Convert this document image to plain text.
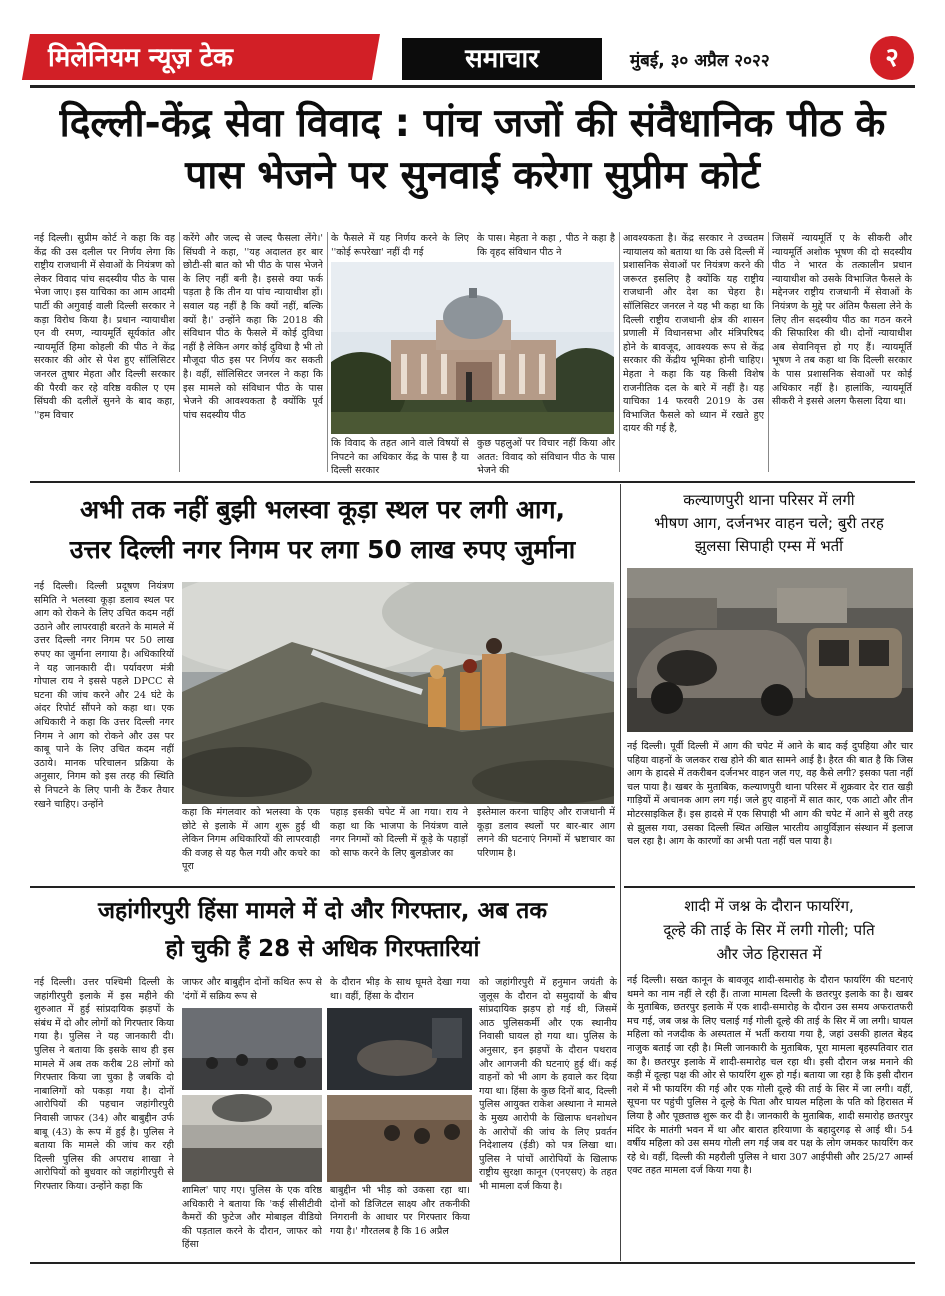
मिलेनियम न्यूज़ टेक	समाचार	मुंबई, ३० अप्रैल २०२२	२
दिल्ली-केंद्र सेवा विवाद : पांच जजों की संवैधानिक पीठ के
पास भेजने पर सुनवाई करेगा सुप्रीम कोर्ट
नई दिल्ली। सुप्रीम कोर्ट ने कहा कि वह केंद्र की उस दलील पर निर्णय लेगा कि राष्ट्रीय राजधानी में सेवाओं के नियंत्रण को लेकर विवाद पांच सदस्यीय पीठ के पास भेजा जाए। इस याचिका का आम आदमी पार्टी की अगुवाई वाली दिल्ली सरकार ने कड़ा विरोध किया है। प्रधान न्यायाधीश एन वी रमण, न्यायमूर्ति सूर्यकांत और न्यायमूर्ति हिमा कोहली की पीठ ने केंद्र सरकार की ओर से पेश हुए सॉलिसिटर जनरल तुषार मेहता और दिल्ली सरकार की पैरवी कर रहे वरिष्ठ वकील ए एम सिंघवी की दलीलें सुनने के बाद कहा, ''हम विचार
करेंगे और जल्द से जल्द फैसला लेंगे।' सिंघवी ने कहा, ''यह अदालत हर बार छोटी-सी बात को भी पीठ के पास भेजने के लिए नहीं बनी है। इससे क्या फर्क पड़ता है कि तीन या पांच न्यायाधीश हों। सवाल यह नहीं है कि क्यों नहीं, बल्कि क्यों है।' उन्होंने कहा कि 2018 की संविधान पीठ के फैसले में कोई दुविधा नहीं है लेकिन अगर कोई दुविधा है भी तो मौजूदा पीठ इस पर निर्णय कर सकती है। वहीं, सॉलिसिटर जनरल ने कहा कि इस मामले को संविधान पीठ के पास भेजने की आवश्यकता है क्योंकि पूर्व पांच सदस्यीय पीठ
के फैसले में यह निर्णय करने के लिए ''कोई रूपरेखा' नहीं दी गई
के पास। मेहता ने कहा , पीठ ने कहा है कि वृहद संविधान पीठ ने
कि विवाद के तहत आने वाले विषयों से निपटने का अधिकार केंद्र के पास है या दिल्ली सरकार
कुछ पहलुओं पर विचार नहीं किया और अतत: विवाद को संविधान पीठ के पास भेजने की
आवश्यकता है। केंद्र सरकार ने उच्चतम न्यायालय को बताया था कि उसे दिल्ली में प्रशासनिक सेवाओं पर नियंत्रण करने की जरूरत इसलिए है क्योंकि यह राष्ट्रीय राजधानी और देश का चेहरा है। सॉलिसिटर जनरल ने यह भी कहा था कि दिल्ली राष्ट्रीय राजधानी क्षेत्र की शासन प्रणाली में विधानसभा और मंत्रिपरिषद होने के बावजूद, आवश्यक रूप से केंद्र सरकार की केंद्रीय भूमिका होनी चाहिए। मेहता ने कहा कि यह किसी विशेष राजनीतिक दल के बारे में नहीं है। यह याचिका 14 फरवरी 2019 के उस विभाजित फैसले को ध्यान में रखते हुए दायर की गई है,
जिसमें न्यायमूर्ति ए के सीकरी और न्यायमूर्ति अशोक भूषण की दो सदस्यीय पीठ ने भारत के तत्कालीन प्रधान न्यायाधीश को उसके विभाजित फैसले के मद्देनजर राष्ट्रीय राजधानी में सेवाओं के नियंत्रण के मुद्दे पर अंतिम फैसला लेने के लिए तीन सदस्यीय पीठ का गठन करने की सिफारिश की थी। दोनों न्यायाधीश अब सेवानिवृत्त हो गए हैं। न्यायमूर्ति भूषण ने तब कहा था कि दिल्ली सरकार के पास प्रशासनिक सेवाओं पर कोई अधिकार नहीं है। हालांकि, न्यायमूर्ति सीकरी ने इससे अलग फैसला दिया था।
अभी तक नहीं बुझी भलस्वा कूड़ा स्थल पर लगी आग,
उत्तर दिल्ली नगर निगम पर लगा 50 लाख रुपए जुर्माना
नई दिल्ली। दिल्ली प्रदूषण नियंत्रण समिति ने भलस्वा कूड़ा डलाव स्थल पर आग को रोकने के लिए उचित कदम नहीं उठाने और लापरवाही बरतने के मामले में उत्तर दिल्ली नगर निगम पर 50 लाख रुपए का जुर्माना लगाया है। अधिकारियों ने यह जानकारी दी। पर्यावरण मंत्री गोपाल राय ने इससे पहले DPCC से घटना की जांच करने और 24 घंटे के अंदर रिपोर्ट सौंपने को कहा था। एक अधिकारी ने कहा कि उत्तर दिल्ली नगर निगम ने आग को रोकने और उस पर काबू पाने के लिए उचित कदम नहीं उठाये। मानक परिचालन प्रक्रिया के अनुसार, निगम को इस तरह की स्थिति से निपटने के लिए पानी के टैंकर तैयार रखने चाहिए। उन्होंने
कहा कि मंगलवार को भलस्वा के एक छोटे से इलाके में आग शुरू हुई थी लेकिन निगम अधिकारियों की लापरवाही की वजह से यह फैल गयी और कचरे का पूरा
पहाड़ इसकी चपेट में आ गया। राय ने कहा था कि भाजपा के नियंत्रण वाले नगर निगमों को दिल्ली में कूड़े के पहाड़ों को साफ करने के लिए बुलडोजर का
इस्तेमाल करना चाहिए और राजधानी में कूड़ा डलाव स्थलों पर बार-बार आग लगने की घटनाएं निगमों में भ्रष्टाचार का परिणाम है।
कल्याणपुरी थाना परिसर में लगी
भीषण आग, दर्जनभर वाहन चले; बुरी तरह
झुलसा सिपाही एम्स में भर्ती
नई दिल्ली। पूर्वी दिल्ली में आग की चपेट में आने के बाद कई दुपहिया और चार पहिया वाहनों के जलकर राख होने की बात सामने आई है। हैरत की बात है कि जिस आग के हादसे में तकरीबन दर्जनभर वाहन जल गए, वह कैसे लगी? इसका पता नहीं चल पाया है। खबर के मुताबिक, कल्याणपुरी थाना परिसर में शुक्रवार देर रात खड़ी गाड़ियों में अचानक आग लग गई। जले हुए वाहनों में सात कार, एक आटो और तीन मोटरसाइकिल हैं। इस हादसे में एक सिपाही भी आग की चपेट में आने से बुरी तरह से झुलस गया, उसका दिल्ली स्थित अखिल भारतीय आयुर्विज्ञान संस्थान में इलाज चल रहा है। आग के कारणों का अभी पता नहीं चल पाया है।
जहांगीरपुरी हिंसा मामले में दो और गिरफ्तार, अब तक
हो चुकी हैं 28 से अधिक गिरफ्तारियां
नई दिल्ली। उत्तर पश्चिमी दिल्ली के जहांगीरपुरी इलाके में इस महीने की शुरुआत में हुई सांप्रदायिक झड़पों के संबंध में दो और लोगों को गिरफ्तार किया गया है। पुलिस ने यह जानकारी दी। पुलिस ने बताया कि इसके साथ ही इस मामले में अब तक करीब 28 लोगों को गिरफ्तार किया जा चुका है जबकि दो नाबालिगों को पकड़ा गया है। दोनों आरोपियों की पहचान जहांगीरपुरी निवासी जाफर (34) और बाबुद्दीन उर्फ बाबू (43) के रूप में हुई है। पुलिस ने बताया कि मामले की जांच कर रही दिल्ली पुलिस की अपराध शाखा ने आरोपियों को बुधवार को जहांगीरपुरी से गिरफ्तार किया। उन्होंने कहा कि
जाफर और बाबुद्दीन दोनों कथित रूप से 'दंगों में सक्रिय रूप से
के दौरान भीड़ के साथ घूमते देखा गया था। वहीं, हिंसा के दौरान
शामिल' पाए गए। पुलिस के एक वरिष्ठ अधिकारी ने बताया कि 'कई सीसीटीवी कैमरों की फुटेज और मोबाइल वीडियो की पड़ताल करने के दौरान, जाफर को हिंसा
बाबुद्दीन भी भीड़ को उकसा रहा था। दोनों को डिजिटल साक्ष्य और तकनीकी निगरानी के आधार पर गिरफ्तार किया गया है।' गौरतलब है कि 16 अप्रैल
को जहांगीरपुरी में हनुमान जयंती के जुलूस के दौरान दो समुदायों के बीच सांप्रदायिक झड़प हो गई थी, जिसमें आठ पुलिसकर्मी और एक स्थानीय निवासी घायल हो गया था। पुलिस के अनुसार, इन झड़पों के दौरान पथराव और आगजनी की घटनाएं हुई थीं। कई वाहनों को भी आग के हवाले कर दिया गया था। हिंसा के कुछ दिनों बाद, दिल्ली पुलिस आयुक्त राकेश अस्थाना ने मामले के मुख्य आरोपी के खिलाफ धनशोधन के आरोपों की जांच के लिए प्रवर्तन निदेशालय (ईडी) को पत्र लिखा था। पुलिस ने पांचों आरोपियों के खिलाफ राष्ट्रीय सुरक्षा कानून (एनएसए) के तहत भी मामला दर्ज किया है।
शादी में जश्न के दौरान फायरिंग,
दूल्हे की ताई के सिर में लगी गोली; पति
और जेठ हिरासत में
नई दिल्ली। सख्त कानून के बावजूद शादी-समारोह के दौरान फायरिंग की घटनाएं थमने का नाम नहीं ले रही हैं। ताजा मामला दिल्ली के छतरपुर इलाके का है। खबर के मुताबिक, छतरपुर इलाके में एक शादी-समारोह के दौरान उस समय अफरातफरी मच गई, जब जश्न के लिए चलाई गई गोली दूल्हे की ताई के सिर में जा लगी। घायल महिला को नजदीक के अस्पताल में भर्ती कराया गया है, जहां उसकी हालत बेहद नाजुक बताई जा रही है। मिली जानकारी के मुताबिक, पूरा मामला बृहस्पतिवार रात का है। छतरपुर इलाके में शादी-समारोह चल रहा थी। इसी दौरान जश्न मनाने की कड़ी में दूल्हा पक्ष की ओर से फायरिंग शुरू हो गई। बताया जा रहा है कि इसी दौरान नशे में भी फायरिंग की गई और एक गोली दूल्हे की ताई के सिर में जा लगी। वहीं, सूचना पर पहुंची पुलिस ने दूल्हे के पिता और घायल महिला के पति को हिरासत में लिया है और पूछताछ शुरू कर दी है। जानकारी के मुताबिक, शादी समारोह छतरपुर मंदिर के मातंगी भवन में था और बारात हरियाणा के बहादुरगढ़ से आई थी। 54 वर्षीय महिला को उस समय गोली लग गई जब वर पक्ष के लोग जमकर फायरिंग कर रहे थे। वहीं, दिल्ली की महरौली पुलिस ने धारा 307 आईपीसी और 25/27 आर्म्स एक्ट तहत मामला दर्ज किया गया है।
